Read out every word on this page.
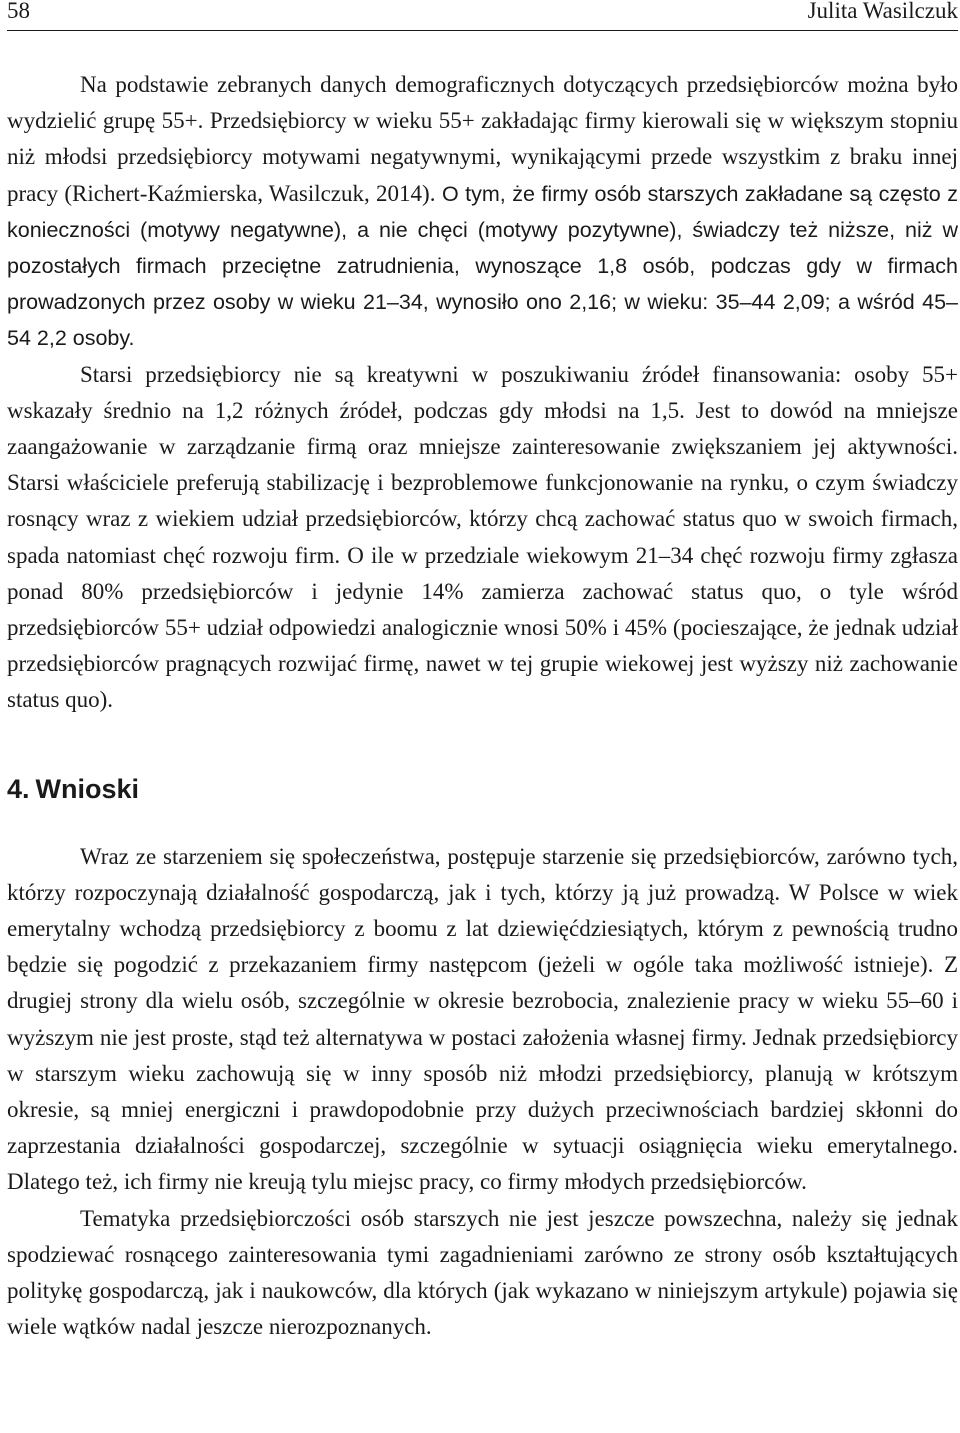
58	Julita Wasilczuk

Na podstawie zebranych danych demograficznych dotyczących przedsiębiorców można było wydzielić grupę 55+. Przedsiębiorcy w wieku 55+ zakładając firmy kierowali się w większym stopniu niż młodsi przedsiębiorcy motywami negatywnymi, wynikającymi przede wszystkim z braku innej pracy (Richert-Kaźmierska, Wasilczuk, 2014). O tym, że firmy osób starszych zakładane są często z konieczności (motywy negatywne), a nie chęci (motywy pozytywne), świadczy też niższe, niż w pozostałych firmach przeciętne zatrudnienia, wynoszące 1,8 osób, podczas gdy w firmach prowadzonych przez osoby w wieku 21–34, wynosiło ono 2,16; w wieku: 35–44 2,09; a wśród 45–54 2,2 osoby.

Starsi przedsiębiorcy nie są kreatywni w poszukiwaniu źródeł finansowania: osoby 55+ wskazały średnio na 1,2 różnych źródeł, podczas gdy młodsi na 1,5. Jest to dowód na mniejsze zaangażowanie w zarządzanie firmą oraz mniejsze zainteresowanie zwiększaniem jej aktywności. Starsi właściciele preferują stabilizację i bezproblemowe funkcjonowanie na rynku, o czym świadczy rosnący wraz z wiekiem udział przedsiębiorców, którzy chcą zachować status quo w swoich firmach, spada natomiast chęć rozwoju firm. O ile w przedziale wiekowym 21–34 chęć rozwoju firmy zgłasza ponad 80% przedsiębiorców i jedynie 14% zamierza zachować status quo, o tyle wśród przedsiębiorców 55+ udział odpowiedzi analogicznie wnosi 50% i 45% (pocieszające, że jednak udział przedsiębiorców pragnących rozwijać firmę, nawet w tej grupie wiekowej jest wyższy niż zachowanie status quo).

4. Wnioski

Wraz ze starzeniem się społeczeństwa, postępuje starzenie się przedsiębiorców, zarówno tych, którzy rozpoczynają działalność gospodarczą, jak i tych, którzy ją już prowadzą. W Polsce w wiek emerytalny wchodzą przedsiębiorcy z boomu z lat dziewięćdziesiątych, którym z pewnością trudno będzie się pogodzić z przekazaniem firmy następcom (jeżeli w ogóle taka możliwość istnieje). Z drugiej strony dla wielu osób, szczególnie w okresie bezrobocia, znalezienie pracy w wieku 55–60 i wyższym nie jest proste, stąd też alternatywa w postaci założenia własnej firmy. Jednak przedsiębiorcy w starszym wieku zachowują się w inny sposób niż młodzi przedsiębiorcy, planują w krótszym okresie, są mniej energiczni i prawdopodobnie przy dużych przeciwnościach bardziej skłonni do zaprzestania działalności gospodarczej, szczególnie w sytuacji osiągnięcia wieku emerytalnego. Dlatego też, ich firmy nie kreują tylu miejsc pracy, co firmy młodych przedsiębiorców.

Tematyka przedsiębiorczości osób starszych nie jest jeszcze powszechna, należy się jednak spodziewać rosnącego zainteresowania tymi zagadnieniami zarówno ze strony osób kształtujących politykę gospodarczą, jak i naukowców, dla których (jak wykazano w niniejszym artykule) pojawia się wiele wątków nadal jeszcze nierozpoznanych.
